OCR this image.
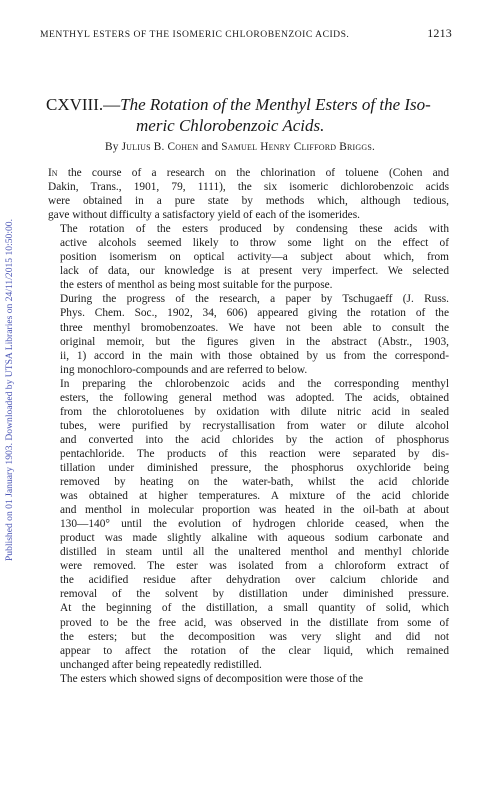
MENTHYL ESTERS OF THE ISOMERIC CHLOROBENZOIC ACIDS.	1213
Published on 01 January 1903. Downloaded by UTSA Libraries on 24/11/2015 10:50:00.
CXVIII.—The Rotation of the Menthyl Esters of the Iso-
meric Chlorobenzoic Acids.
By Julius B. Cohen and Samuel Henry Clifford Briggs.

In the course of a research on the chlorination of toluene (Cohen and
Dakin, Trans., 1901, 79, 1111), the six isomeric dichlorobenzoic acids
were obtained in a pure state by methods which, although tedious,
gave without difficulty a satisfactory yield of each of the isomerides.

The rotation of the esters produced by condensing these acids with
active alcohols seemed likely to throw some light on the effect of
position isomerism on optical activity—a subject about which, from
lack of data, our knowledge is at present very imperfect. We selected
the esters of menthol as being most suitable for the purpose.

During the progress of the research, a paper by Tschugaeff (J. Russ.
Phys. Chem. Soc., 1902, 34, 606) appeared giving the rotation of the
three menthyl bromobenzoates. We have not been able to consult the
original memoir, but the figures given in the abstract (Abstr., 1903,
ii, 1) accord in the main with those obtained by us from the correspond-
ing monochloro-compounds and are referred to below.

In preparing the chlorobenzoic acids and the corresponding menthyl
esters, the following general method was adopted. The acids, obtained
from the chlorotoluenes by oxidation with dilute nitric acid in sealed
tubes, were purified by recrystallisation from water or dilute alcohol
and converted into the acid chlorides by the action of phosphorus
pentachloride. The products of this reaction were separated by dis-
tillation under diminished pressure, the phosphorus oxychloride being
removed by heating on the water-bath, whilst the acid chloride
was obtained at higher temperatures. A mixture of the acid chloride
and menthol in molecular proportion was heated in the oil-bath at about
130—140° until the evolution of hydrogen chloride ceased, when the
product was made slightly alkaline with aqueous sodium carbonate and
distilled in steam until all the unaltered menthol and menthyl chloride
were removed. The ester was isolated from a chloroform extract of
the acidified residue after dehydration over calcium chloride and
removal of the solvent by distillation under diminished pressure.
At the beginning of the distillation, a small quantity of solid, which
proved to be the free acid, was observed in the distillate from some of
the esters; but the decomposition was very slight and did not
appear to affect the rotation of the clear liquid, which remained
unchanged after being repeatedly redistilled.

The esters which showed signs of decomposition were those of the
